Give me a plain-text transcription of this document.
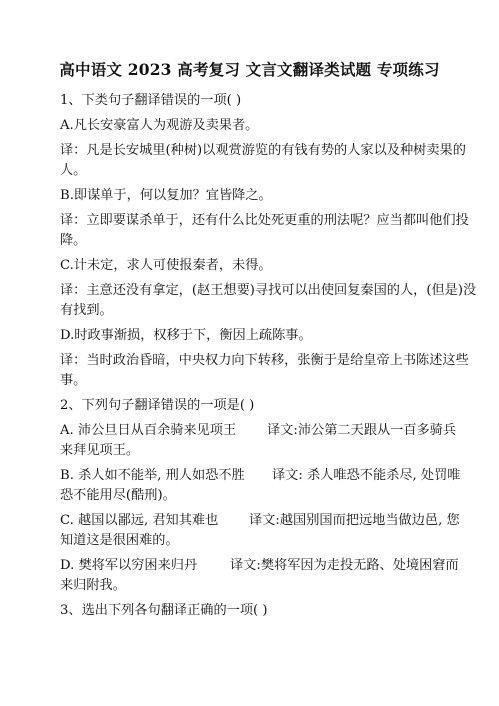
高中语文 2023 高考复习 文言文翻译类试题 专项练习
1、下类句子翻译错误的一项( )
A.凡长安豪富人为观游及卖果者。
译：凡是长安城里(种树)以观赏游览的有钱有势的人家以及种树卖果的
人。
B.即谋单于，何以复加？宜皆降之。
译：立即要谋杀单于，还有什么比处死更重的刑法呢？应当都叫他们投
降。
C.计未定，求人可使报秦者，未得。
译：主意还没有拿定，(赵王想要)寻找可以出使回复秦国的人，(但是)没
有找到。
D.时政事渐损，权移于下，衡因上疏陈事。
译：当时政治昏暗，中央权力向下转移，张衡于是给皇帝上书陈述这些
事。
2、下列句子翻译错误的一项是( )
A. 沛公旦日从百余骑来见项王 译文:沛公第二天跟从一百多骑兵
来拜见项王。
B. 杀人如不能举, 刑人如恐不胜 译文: 杀人唯恐不能杀尽, 处罚唯
恐不能用尽(酷刑)。
C. 越国以鄙远, 君知其难也 译文:越国别国而把远地当做边邑, 您
知道这是很困难的。
D. 樊将军以穷困来归丹 译文:樊将军因为走投无路、处境困窘而
来归附我。
3、选出下列各句翻译正确的一项( )
